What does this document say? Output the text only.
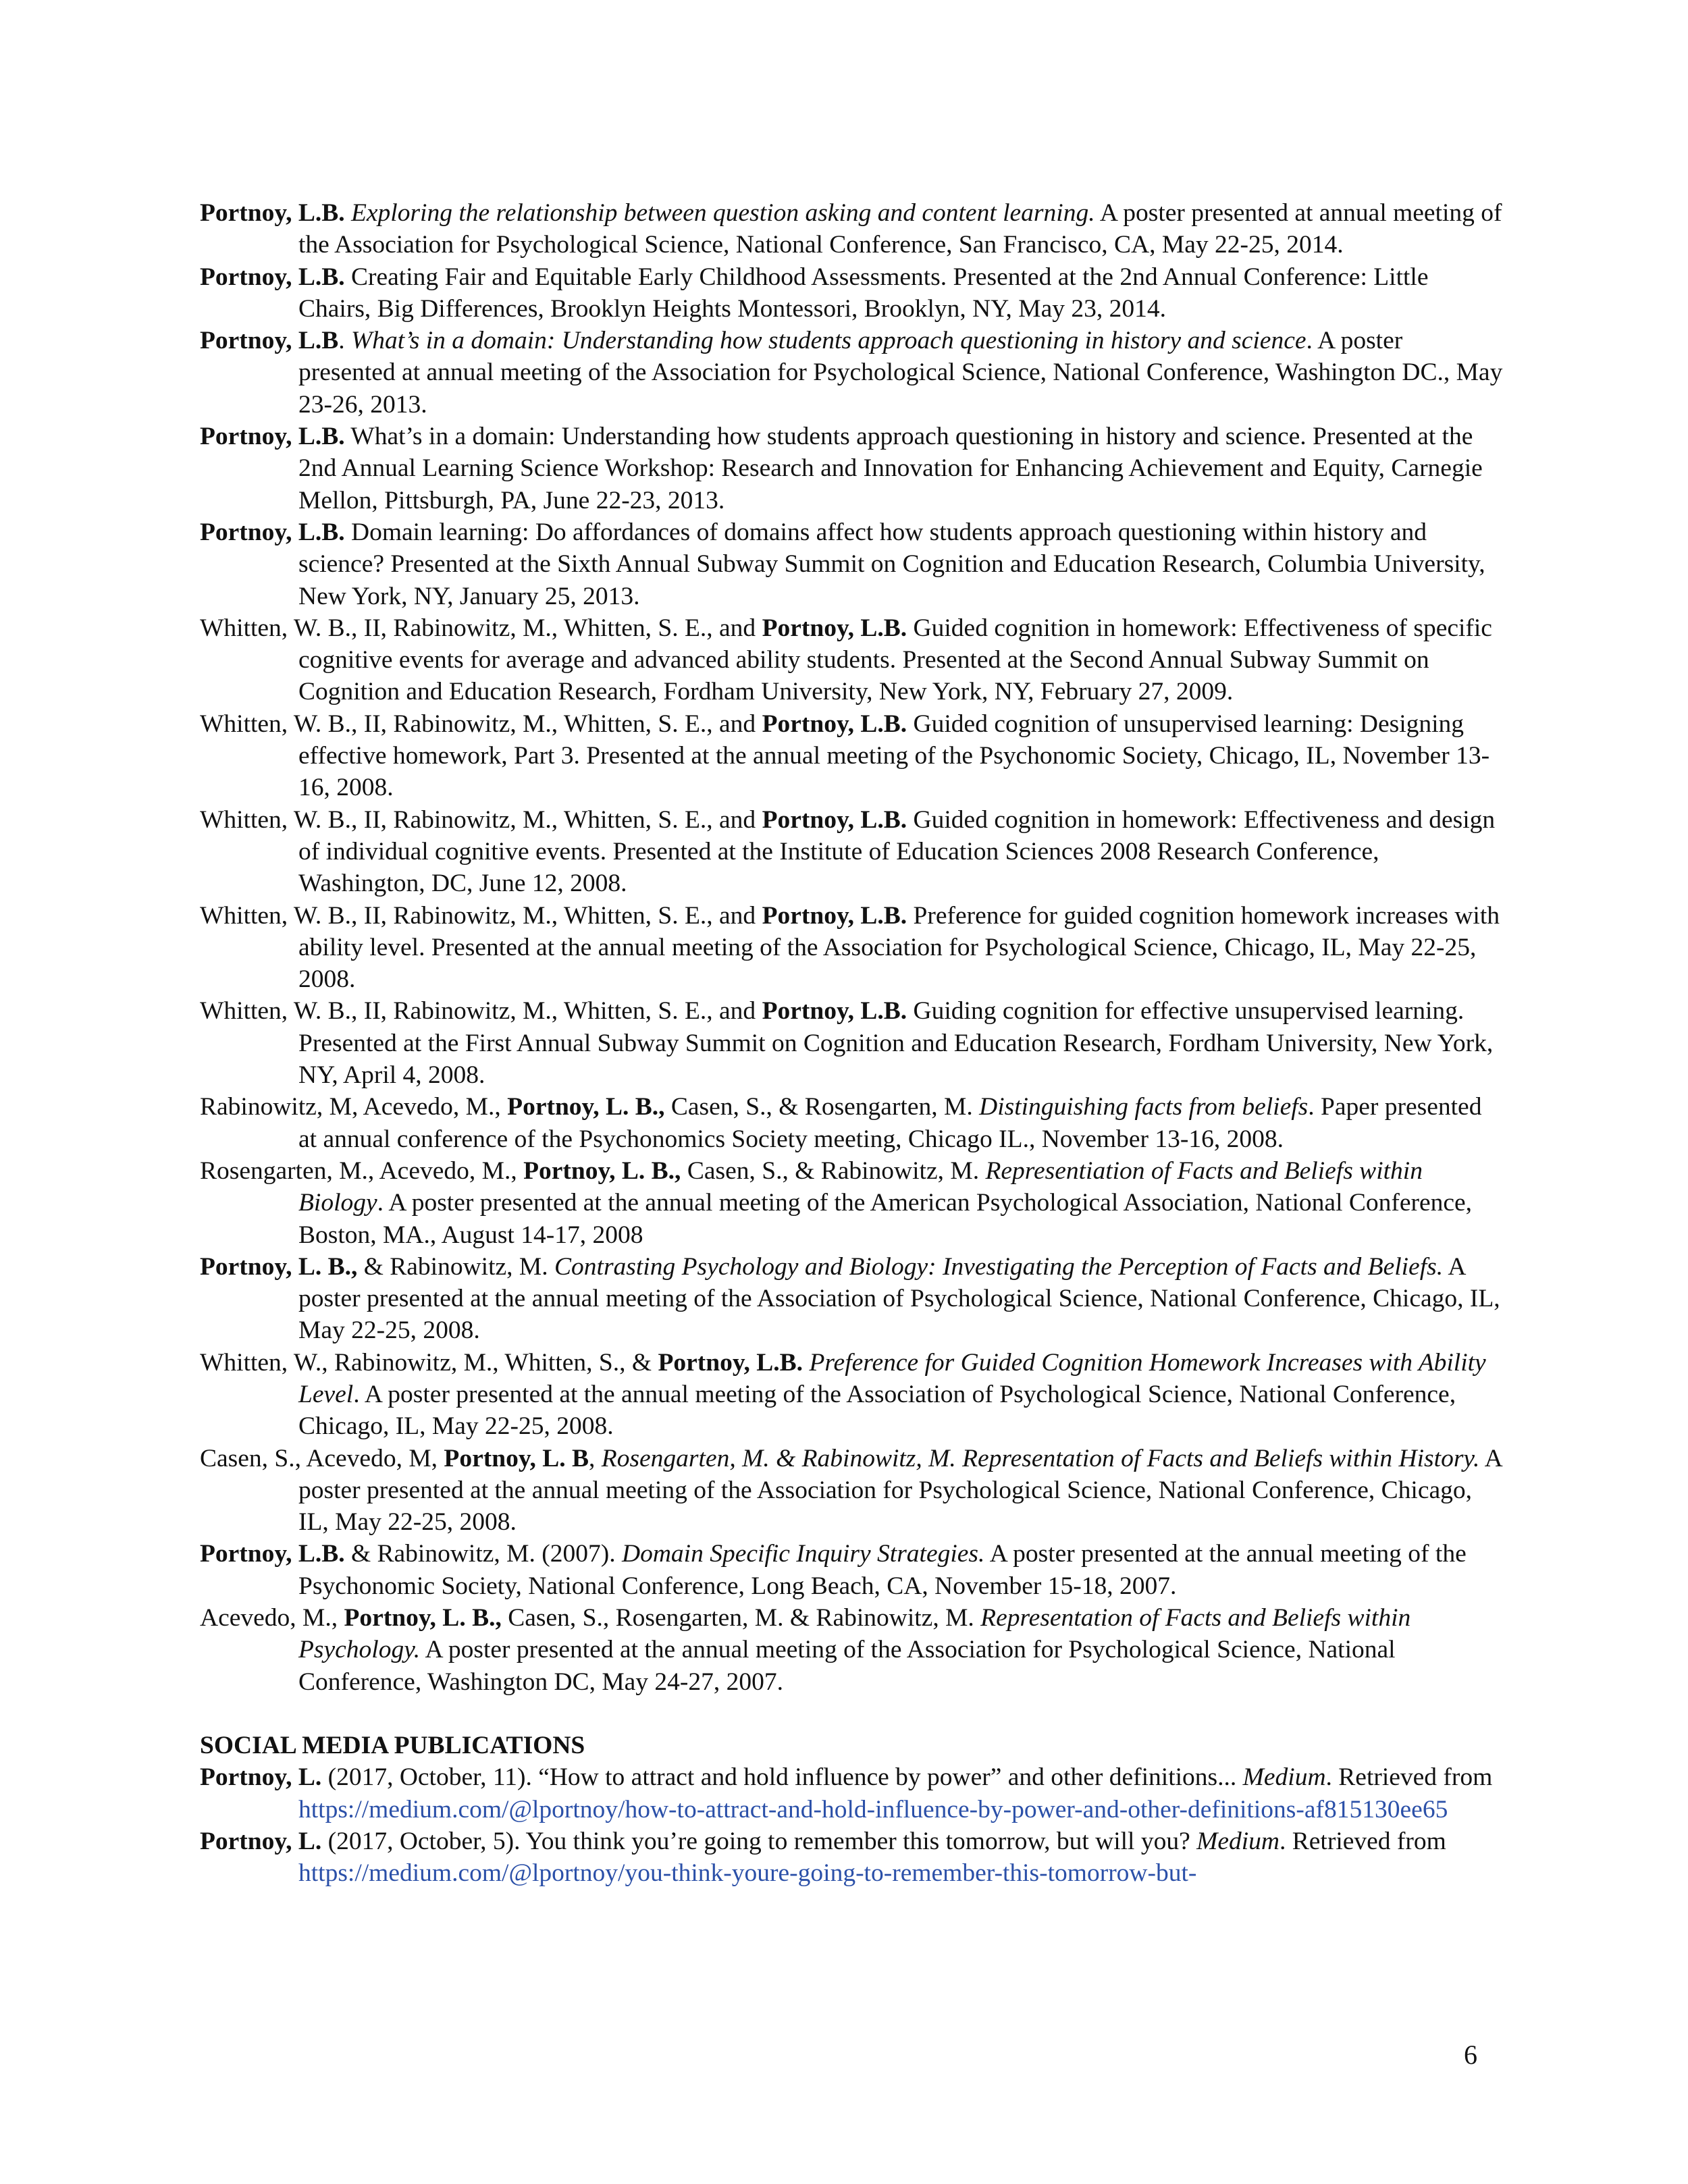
Portnoy, L.B. Exploring the relationship between question asking and content learning. A poster presented at annual meeting of the Association for Psychological Science, National Conference, San Francisco, CA, May 22-25, 2014.

Portnoy, L.B. Creating Fair and Equitable Early Childhood Assessments. Presented at the 2nd Annual Conference: Little Chairs, Big Differences, Brooklyn Heights Montessori, Brooklyn, NY, May 23, 2014.

Portnoy, L.B. What’s in a domain: Understanding how students approach questioning in history and science. A poster presented at annual meeting of the Association for Psychological Science, National Conference, Washington DC., May 23-26, 2013.

Portnoy, L.B. What’s in a domain: Understanding how students approach questioning in history and science. Presented at the 2nd Annual Learning Science Workshop: Research and Innovation for Enhancing Achievement and Equity, Carnegie Mellon, Pittsburgh, PA, June 22-23, 2013.

Portnoy, L.B. Domain learning: Do affordances of domains affect how students approach questioning within history and science? Presented at the Sixth Annual Subway Summit on Cognition and Education Research, Columbia University, New York, NY, January 25, 2013.

Whitten, W. B., II, Rabinowitz, M., Whitten, S. E., and Portnoy, L.B. Guided cognition in homework: Effectiveness of specific cognitive events for average and advanced ability students. Presented at the Second Annual Subway Summit on Cognition and Education Research, Fordham University, New York, NY, February 27, 2009.

Whitten, W. B., II, Rabinowitz, M., Whitten, S. E., and Portnoy, L.B. Guided cognition of unsupervised learning: Designing effective homework, Part 3. Presented at the annual meeting of the Psychonomic Society, Chicago, IL, November 13-16, 2008.

Whitten, W. B., II, Rabinowitz, M., Whitten, S. E., and Portnoy, L.B. Guided cognition in homework: Effectiveness and design of individual cognitive events. Presented at the Institute of Education Sciences 2008 Research Conference, Washington, DC, June 12, 2008.

Whitten, W. B., II, Rabinowitz, M., Whitten, S. E., and Portnoy, L.B. Preference for guided cognition homework increases with ability level. Presented at the annual meeting of the Association for Psychological Science, Chicago, IL, May 22-25, 2008.

Whitten, W. B., II, Rabinowitz, M., Whitten, S. E., and Portnoy, L.B. Guiding cognition for effective unsupervised learning. Presented at the First Annual Subway Summit on Cognition and Education Research, Fordham University, New York, NY, April 4, 2008.

Rabinowitz, M, Acevedo, M., Portnoy, L. B., Casen, S., & Rosengarten, M. Distinguishing facts from beliefs. Paper presented at annual conference of the Psychonomics Society meeting, Chicago IL., November 13-16, 2008.

Rosengarten, M., Acevedo, M., Portnoy, L. B., Casen, S., & Rabinowitz, M. Representiation of Facts and Beliefs within Biology. A poster presented at the annual meeting of the American Psychological Association, National Conference, Boston, MA., August 14-17, 2008

Portnoy, L. B., & Rabinowitz, M. Contrasting Psychology and Biology: Investigating the Perception of Facts and Beliefs. A poster presented at the annual meeting of the Association of Psychological Science, National Conference, Chicago, IL, May 22-25, 2008.

Whitten, W., Rabinowitz, M., Whitten, S., & Portnoy, L.B. Preference for Guided Cognition Homework Increases with Ability Level. A poster presented at the annual meeting of the Association of Psychological Science, National Conference, Chicago, IL, May 22-25, 2008.

Casen, S., Acevedo, M, Portnoy, L. B, Rosengarten, M. & Rabinowitz, M. Representation of Facts and Beliefs within History. A poster presented at the annual meeting of the Association for Psychological Science, National Conference, Chicago, IL, May 22-25, 2008.

Portnoy, L.B. & Rabinowitz, M. (2007). Domain Specific Inquiry Strategies. A poster presented at the annual meeting of the Psychonomic Society, National Conference, Long Beach, CA, November 15-18, 2007.

Acevedo, M., Portnoy, L. B., Casen, S., Rosengarten, M. & Rabinowitz, M. Representation of Facts and Beliefs within Psychology. A poster presented at the annual meeting of the Association for Psychological Science, National Conference, Washington DC, May 24-27, 2007.

SOCIAL MEDIA PUBLICATIONS

Portnoy, L. (2017, October, 11). “How to attract and hold influence by power” and other definitions... Medium. Retrieved from https://medium.com/@lportnoy/how-to-attract-and-hold-influence-by-power-and-other-definitions-af815130ee65

Portnoy, L. (2017, October, 5). You think you’re going to remember this tomorrow, but will you? Medium. Retrieved from https://medium.com/@lportnoy/you-think-youre-going-to-remember-this-tomorrow-but-

6
